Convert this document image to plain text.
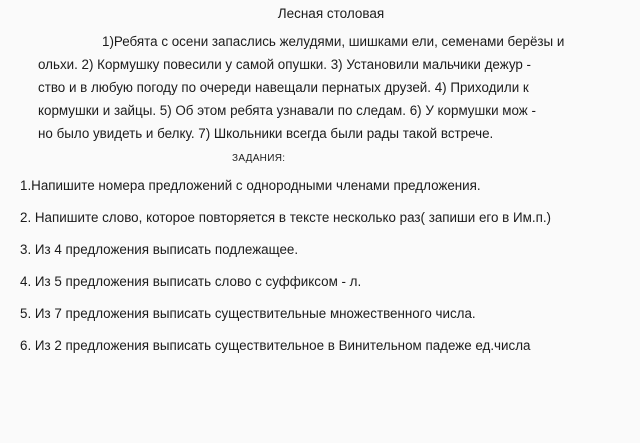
Лесная столовая
1)Ребята с осени запаслись желудями, шишками ели, семенами берёзы и
ольхи. 2) Кормушку повесили у самой опушки. 3) Установили мальчики дежур -
ство и в любую погоду по очереди навещали пернатых друзей. 4) Приходили к
кормушки и зайцы. 5) Об этом ребята узнавали по следам. 6) У кормушки мож -
но было увидеть и белку. 7) Школьники всегда были рады такой встрече.
ЗАДАНИЯ:
1.Напишите номера предложений с однородными членами предложения.
2. Напишите слово, которое повторяется в тексте несколько раз( запиши его в Им.п.)
3. Из 4 предложения выписать подлежащее.
4. Из 5 предложения выписать слово с суффиксом - л.
5. Из 7 предложения выписать существительные множественного числа.
6. Из 2 предложения выписать существительное в Винительном падеже ед.числа
